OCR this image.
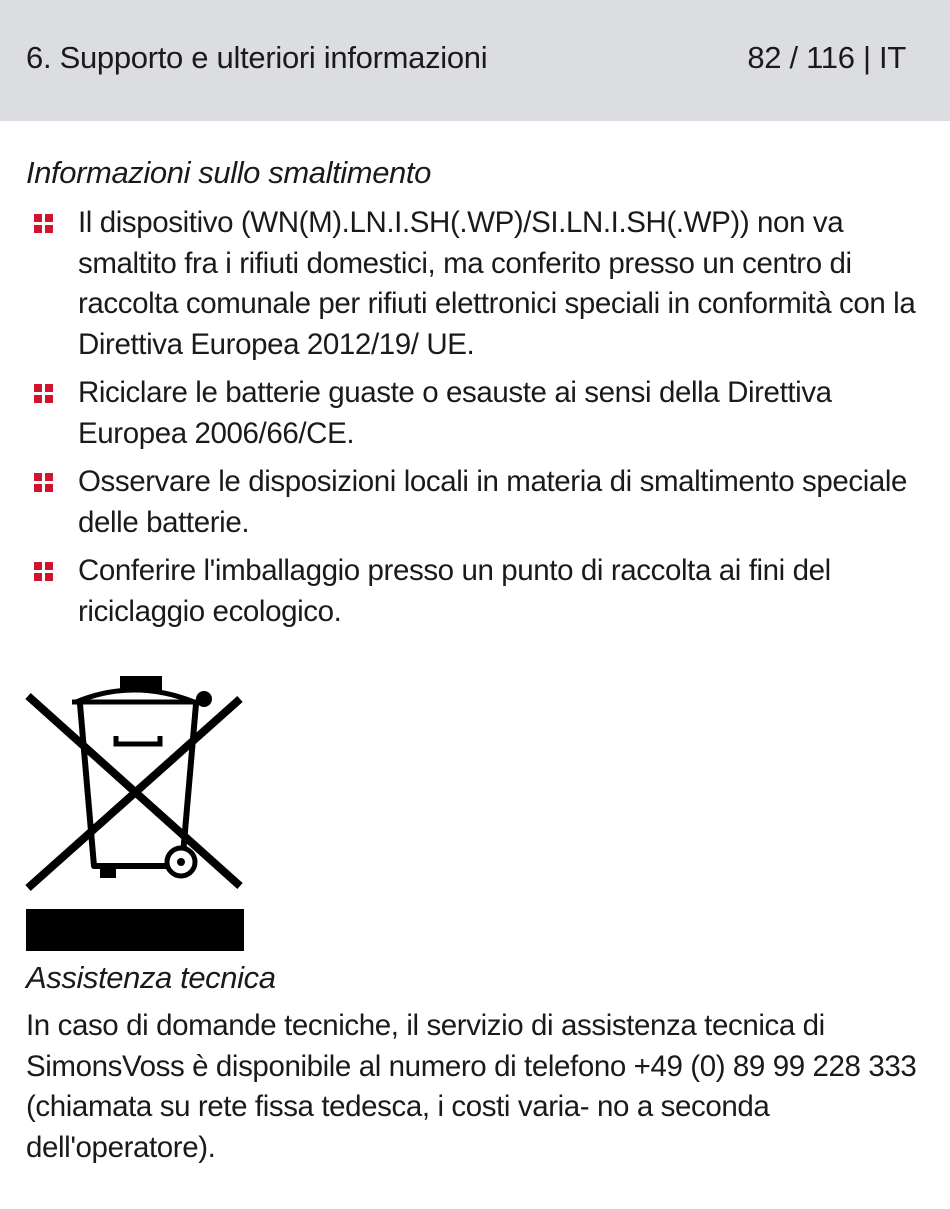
6. Supporto e ulteriori informazioni	82 / 116 | IT
Informazioni sullo smaltimento
Il dispositivo (WN(M).LN.I.SH(.WP)/SI.LN.I.SH(.WP)) non va smaltito fra i rifiuti domestici, ma conferito presso un centro di raccolta comunale per rifiuti elettronici speciali in conformità con la Direttiva Europea 2012/19/ UE.
Riciclare le batterie guaste o esauste ai sensi della Direttiva Europea 2006/66/CE.
Osservare le disposizioni locali in materia di smaltimento speciale delle batterie.
Conferire l'imballaggio presso un punto di raccolta ai fini del riciclaggio ecologico.
Assistenza tecnica

In caso di domande tecniche, il servizio di assistenza tecnica di SimonsVoss è disponibile al numero di telefono +49 (0) 89 99 228 333 (chiamata su rete fissa tedesca, i costi varia- no a seconda dell'operatore).
